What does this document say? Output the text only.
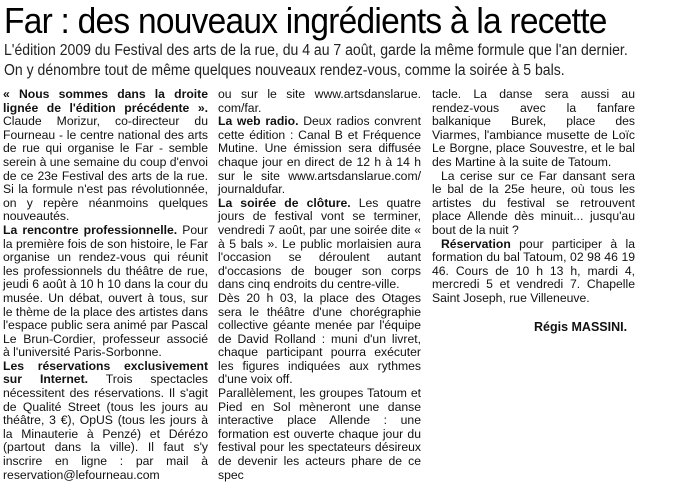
Far : des nouveaux ingrédients à la recette
L'édition 2009 du Festival des arts de la rue, du 4 au 7 août, garde la même formule que l'an dernier.
On y dénombre tout de même quelques nouveaux rendez-vous, comme la soirée à 5 bals.

« Nous sommes dans la droite lignée de l'édition précédente ». Claude Morizur, co-directeur du Fourneau - le centre national des arts de rue qui organise le Far - semble serein à une semaine du coup d'envoi de ce 23e Festival des arts de la rue. Si la formule n'est pas révolutionnée, on y repère néanmoins quelques nouveautés.

La rencontre professionnelle. Pour la première fois de son histoire, le Far organise un rendez-vous qui réunit les professionnels du théâtre de rue, jeudi 6 août à 10 h 10 dans la cour du musée. Un débat, ouvert à tous, sur le thème de la place des artistes dans l'espace public sera animé par Pascal Le Brun-Cordier, professeur associé à l'université Paris-Sorbonne.

Les réservations exclusivement sur Internet. Trois spectacles nécessitent des réservations. Il s'agit de Qualité Street (tous les jours au théâtre, 3 €), OpUS (tous les jours à la Minauterie à Penzé) et Dérézo (partout dans la ville). Il faut s'y inscrire en ligne : par mail à reservation@lefourneau.com

ou sur le site www.artsdanslarue.​com/far.

La web radio. Deux radios convrent cette édition : Canal B et Fréquence Mutine. Une émission sera diffusée chaque jour en direct de 12 h à 14 h sur le site www.artsdanslarue.com/​journaldufar.

La soirée de clôture. Les quatre jours de festival vont se terminer, vendredi 7 août, par une soirée dite « à 5 bals ». Le public morlaisien aura l'occasion se déroulent autant d'occasions de bouger son corps dans cinq endroits du centre-ville.

Dès 20 h 03, la place des Otages sera le théâtre d'une chorégraphie collective géante menée par l'équipe de David Rolland : muni d'un livret, chaque participant pourra exécuter les figures indiquées aux rythmes d'une voix off.

Parallèlement, les groupes Tatoum et Pied en Sol mèneront une danse interactive place Allende : une formation est ouverte chaque jour du festival pour les spectateurs désireux de devenir les acteurs phare de ce spec

tacle. La danse sera aussi au rendez-vous avec la fanfare balkanique Burek, place des Viarmes, l'ambiance musette de Loïc Le Borgne, place Souvestre, et le bal des Martine à la suite de Tatoum.

La cerise sur ce Far dansant sera le bal de la 25e heure, où tous les artistes du festival se retrouvent place Allende dès minuit... jusqu'au bout de la nuit ?

Réservation pour participer à la formation du bal Tatoum, 02 98 46 19 46. Cours de 10 h 13 h, mardi 4, mercredi 5 et vendredi 7. Chapelle Saint Joseph, rue Villeneuve.

Régis MASSINI.
